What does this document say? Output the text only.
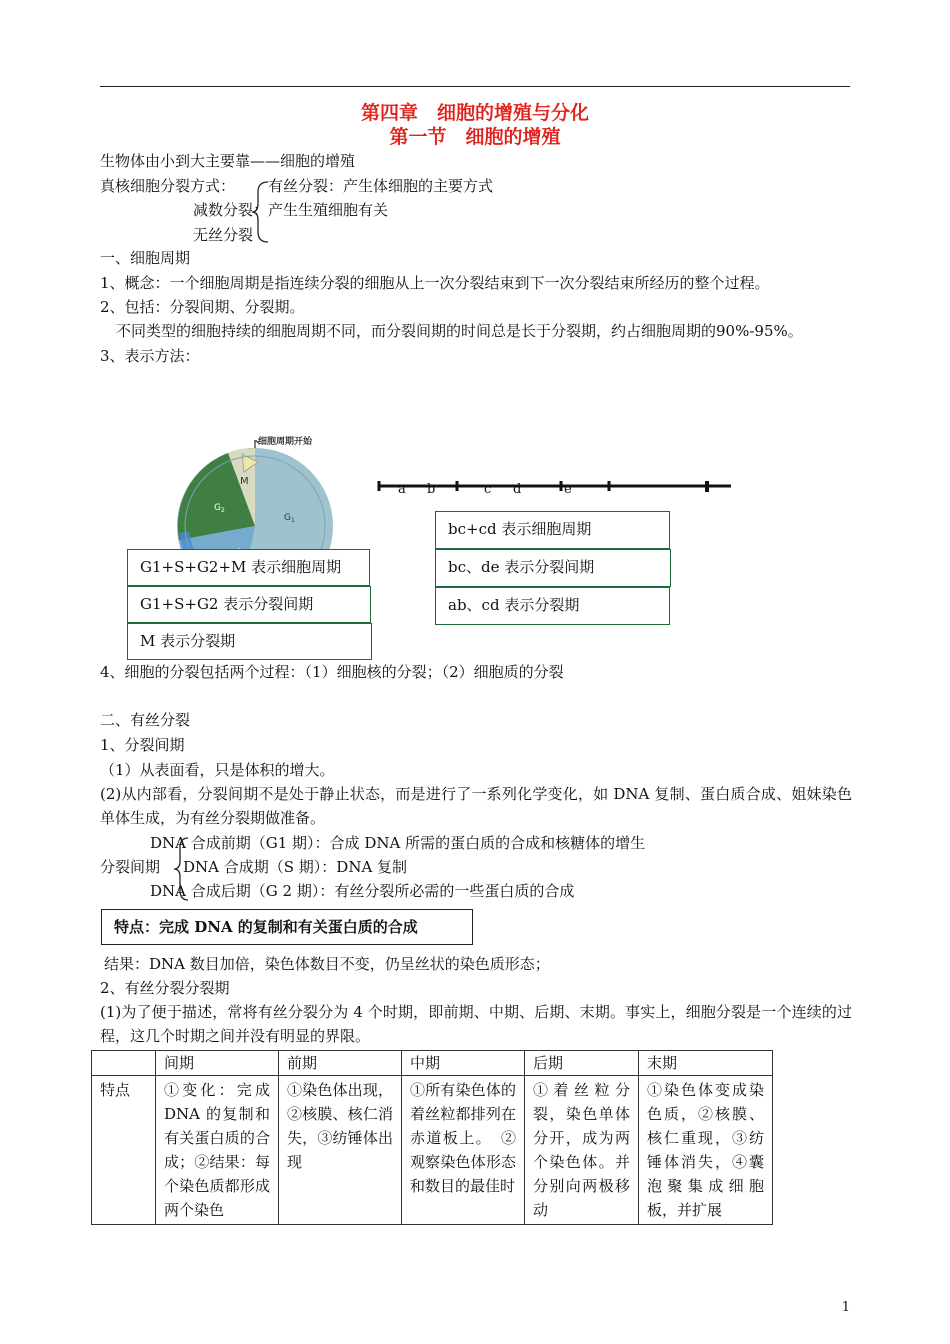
第四章　细胞的增殖与分化
第一节　细胞的增殖
生物体由小到大主要靠——细胞的增殖
真核细胞分裂方式： 有丝分裂：产生体细胞的主要方式
减数分裂：产生生殖细胞有关
无丝分裂
一、细胞周期
1、概念：一个细胞周期是指连续分裂的细胞从上一次分裂结束到下一次分裂结束所经历的整个过程。
2、包括：分裂间期、分裂期。
不同类型的细胞持续的细胞周期不同，而分裂间期的时间总是长于分裂期，约占细胞周期的90%-95%。
3、表示方法：
细胞周期开始
M
$G_2$
$G_1$
G1+S+G2+M 表示细胞周期
G1+S+G2 表示分裂间期
M 表示分裂期
a b	c d	e
bc+cd 表示细胞周期
bc、de 表示分裂间期
ab、cd 表示分裂期
4、细胞的分裂包括两个过程：（1）细胞核的分裂；（2）细胞质的分裂
二、有丝分裂
1、分裂间期
（1）从表面看，只是体积的增大。
(2)从内部看，分裂间期不是处于静止状态，而是进行了一系列化学变化，如 DNA 复制、蛋白质合成、姐妹染色单体生成，为有丝分裂期做准备。
分裂间期
DNA 合成前期（G1 期）：合成 DNA 所需的蛋白质的合成和核糖体的增生
DNA 合成期（S 期）：DNA 复制
DNA 合成后期（G 2 期）：有丝分裂所必需的一些蛋白质的合成
特点：完成 DNA 的复制和有关蛋白质的合成
结果：DNA 数目加倍，染色体数目不变，仍呈丝状的染色质形态；
2、有丝分裂分裂期
(1)为了便于描述，常将有丝分裂分为 4 个时期，即前期、中期、后期、末期。事实上，细胞分裂是一个连续的过程，这几个时期之间并没有明显的界限。
	间期	前期	中期	后期	末期
特点	①变化：完成 DNA 的复制和有关蛋白质的合成；②结果：每个染色质都形成两个染色	①染色体出现，②核膜、核仁消失，③纺锤体出现	①所有染色体的着丝粒都排列在赤道板上。　②观察染色体形态和数目的最佳时	①着丝粒分裂，染色单体分开，成为两个染色体。并分别向两极移动	①染色体变成染色质，②核膜、核仁重现，③纺锤体消失，④囊泡聚集成细胞板，并扩展
1
